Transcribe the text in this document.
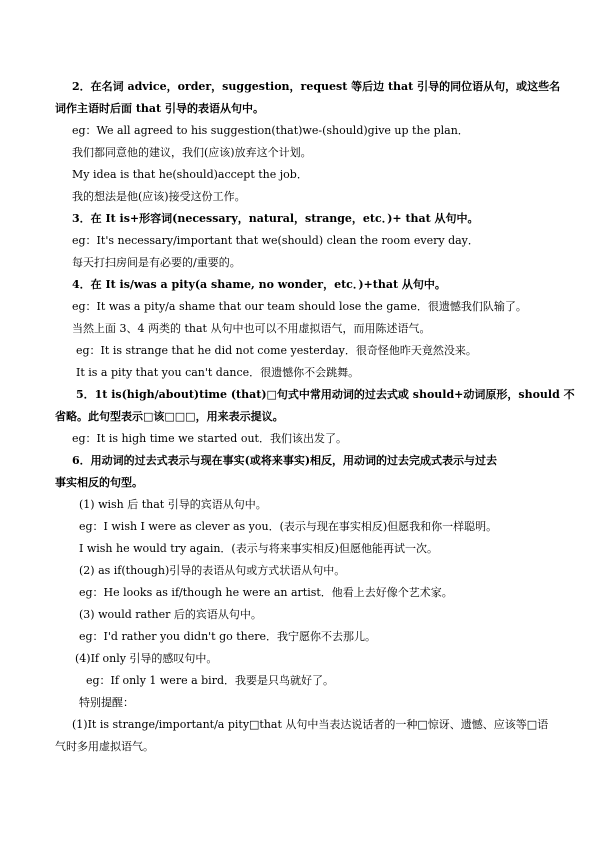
2．在名词 advice，order，suggestion，request 等后边 that 引导的同位语从句，或这些名
词作主语时后面 that 引导的表语从句中。
eg：We all agreed to his suggestion(that)we-(should)give up the plan．
我们都同意他的建议，我们(应该)放弃这个计划。
My idea is that he(should)accept the job．
我的想法是他(应该)接受这份工作。
3．在 It is+形容词(necessary，natural，strange，etc．)+ that 从句中。
eg：It's necessary/important that we(should) clean the room every day．
每天打扫房间是有必要的/重要的。
4．在 It is/was a pity(a shame, no wonder，etc．)+that 从句中。
eg：It was a pity/a shame that our team should lose the game．很遗憾我们队输了。
当然上面 3、4 两类的 that 从句中也可以不用虚拟语气，而用陈述语气。
eg：It is strange that he did not come yesterday．很奇怪他昨天竟然没来。
It is a pity that you can't dance．很遗憾你不会跳舞。
5．1t is(high/about)time (that)□句式中常用动词的过去式或 should+动词原形，should 不
省略。此句型表示□该□□□，用来表示提议。
eg：It is high time we started out．我们该出发了。
6．用动词的过去式表示与现在事实(或将来事实)相反，用动词的过去完成式表示与过去
事实相反的句型。
(1) wish 后 that 引导的宾语从句中。
eg：I wish I were as clever as you．(表示与现在事实相反)但愿我和你一样聪明。
I wish he would try again．(表示与将来事实相反)但愿他能再试一次。
(2) as if(though)引导的表语从句或方式状语从句中。
eg：He looks as if/though he were an artist．他看上去好像个艺术家。
(3) would rather 后的宾语从句中。
eg：I'd rather you didn't go there．我宁愿你不去那儿。
(4)If only 引导的感叹句中。
eg：If only 1 were a bird．我要是只鸟就好了。
特别提醒：
(1)It is strange/important/a pity□that 从句中当表达说话者的一种□惊讶、遗憾、应该等□语
气时多用虚拟语气。
